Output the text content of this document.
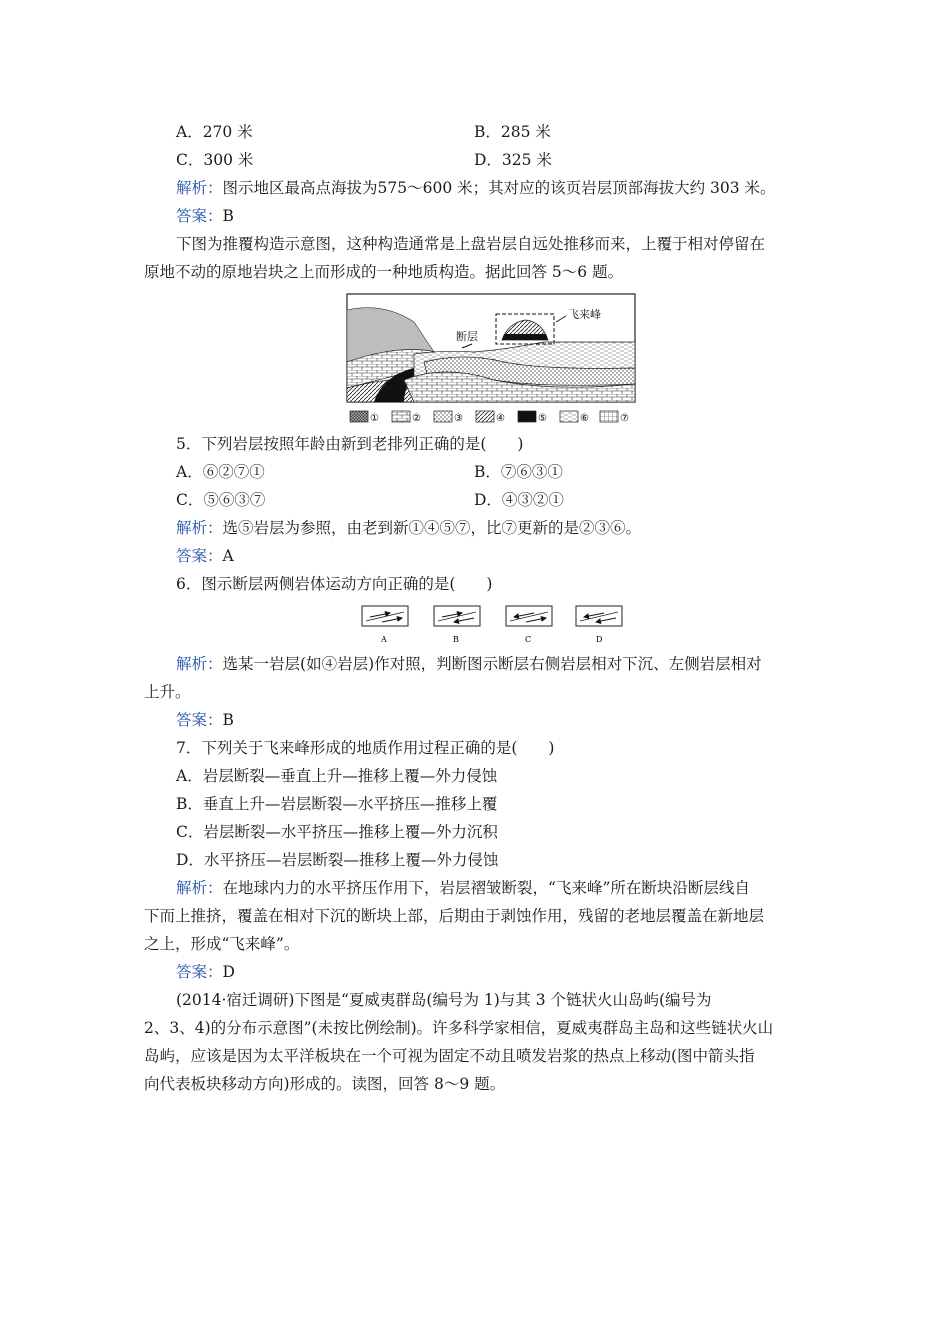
A．270 米	B．285 米
C．300 米	D．325 米
解析：图示地区最高点海拔为575～600 米；其对应的该页岩层顶部海拔大约 303 米。
答案：B
下图为推覆构造示意图，这种构造通常是上盘岩层自远处推移而来，上覆于相对停留在
原地不动的原地岩块之上而形成的一种地质构造。据此回答 5～6 题。
飞来峰
断层
①	②	③	④	⑤	⑥	⑦
5．下列岩层按照年龄由新到老排列正确的是(　　)
A．⑥②⑦①	B．⑦⑥③①
C．⑤⑥③⑦	D．④③②①
解析：选⑤岩层为参照，由老到新①④⑤⑦，比⑦更新的是②③⑥。
答案：A
6．图示断层两侧岩体运动方向正确的是(　　)
A	B	C	D
解析：选某一岩层(如④岩层)作对照，判断图示断层右侧岩层相对下沉、左侧岩层相对
上升。
答案：B
7．下列关于飞来峰形成的地质作用过程正确的是(　　)
A．岩层断裂—垂直上升—推移上覆—外力侵蚀
B．垂直上升—岩层断裂—水平挤压—推移上覆
C．岩层断裂—水平挤压—推移上覆—外力沉积
D．水平挤压—岩层断裂—推移上覆—外力侵蚀
解析：在地球内力的水平挤压作用下，岩层褶皱断裂，“飞来峰”所在断块沿断层线自
下而上推挤，覆盖在相对下沉的断块上部，后期由于剥蚀作用，残留的老地层覆盖在新地层
之上，形成“飞来峰”。
答案：D
(2014·宿迁调研)下图是“夏威夷群岛(编号为 1)与其 3 个链状火山岛屿(编号为
2、3、4)的分布示意图”(未按比例绘制)。许多科学家相信，夏威夷群岛主岛和这些链状火山
岛屿，应该是因为太平洋板块在一个可视为固定不动且喷发岩浆的热点上移动(图中箭头指
向代表板块移动方向)形成的。读图，回答 8～9 题。
